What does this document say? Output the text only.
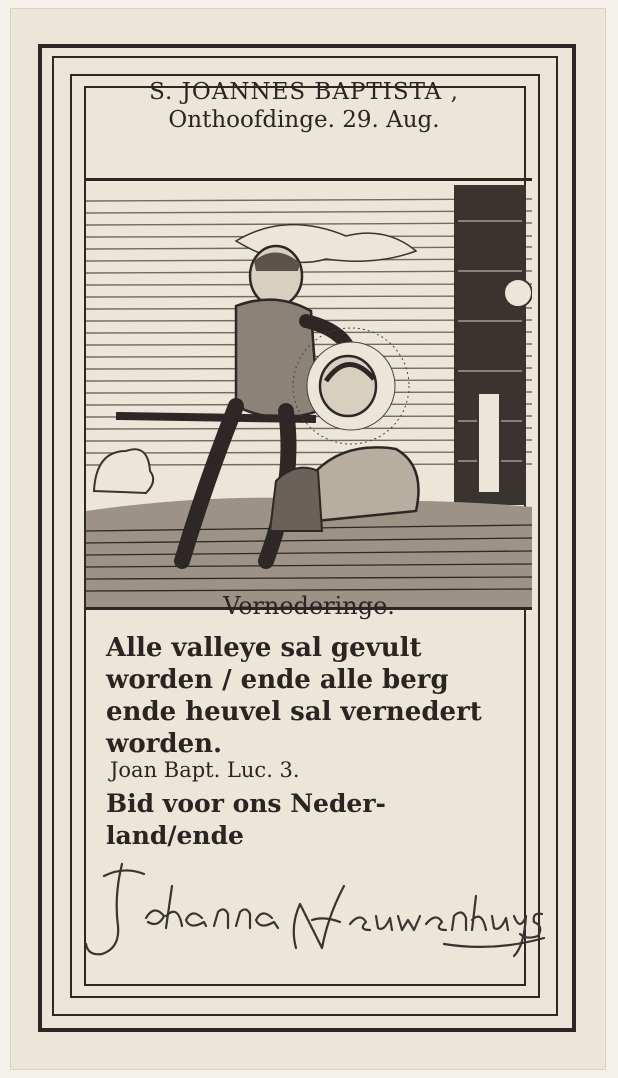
S. JOANNES BAPTISTA ,
Onthoofdinge. 29. Aug.
Vernederinge.
Alle valleye sal gevult
worden / ende alle berg
ende heuvel sal vernedert
worden.
Joan Bapt. Luc. 3.
Bid voor ons Neder-
land/ende
